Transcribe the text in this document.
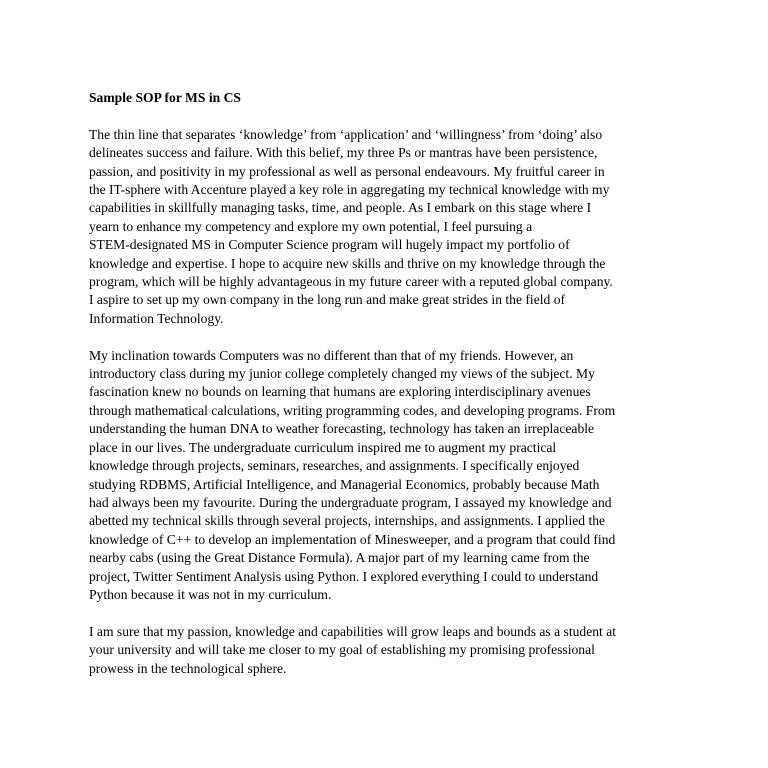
Sample SOP for MS in CS
The thin line that separates ‘knowledge’ from ‘application’ and ‘willingness’ from ‘doing’ also
delineates success and failure. With this belief, my three Ps or mantras have been persistence,
passion, and positivity in my professional as well as personal endeavours. My fruitful career in
the IT-sphere with Accenture played a key role in aggregating my technical knowledge with my
capabilities in skillfully managing tasks, time, and people. As I embark on this stage where I
yearn to enhance my competency and explore my own potential, I feel pursuing a
STEM-designated MS in Computer Science program will hugely impact my portfolio of
knowledge and expertise. I hope to acquire new skills and thrive on my knowledge through the
program, which will be highly advantageous in my future career with a reputed global company.
I aspire to set up my own company in the long run and make great strides in the field of
Information Technology.
My inclination towards Computers was no different than that of my friends. However, an
introductory class during my junior college completely changed my views of the subject. My
fascination knew no bounds on learning that humans are exploring interdisciplinary avenues
through mathematical calculations, writing programming codes, and developing programs. From
understanding the human DNA to weather forecasting, technology has taken an irreplaceable
place in our lives. The undergraduate curriculum inspired me to augment my practical
knowledge through projects, seminars, researches, and assignments. I specifically enjoyed
studying RDBMS, Artificial Intelligence, and Managerial Economics, probably because Math
had always been my favourite. During the undergraduate program, I assayed my knowledge and
abetted my technical skills through several projects, internships, and assignments. I applied the
knowledge of C++ to develop an implementation of Minesweeper, and a program that could find
nearby cabs (using the Great Distance Formula). A major part of my learning came from the
project, Twitter Sentiment Analysis using Python. I explored everything I could to understand
Python because it was not in my curriculum.
I am sure that my passion, knowledge and capabilities will grow leaps and bounds as a student at
your university and will take me closer to my goal of establishing my promising professional
prowess in the technological sphere.
